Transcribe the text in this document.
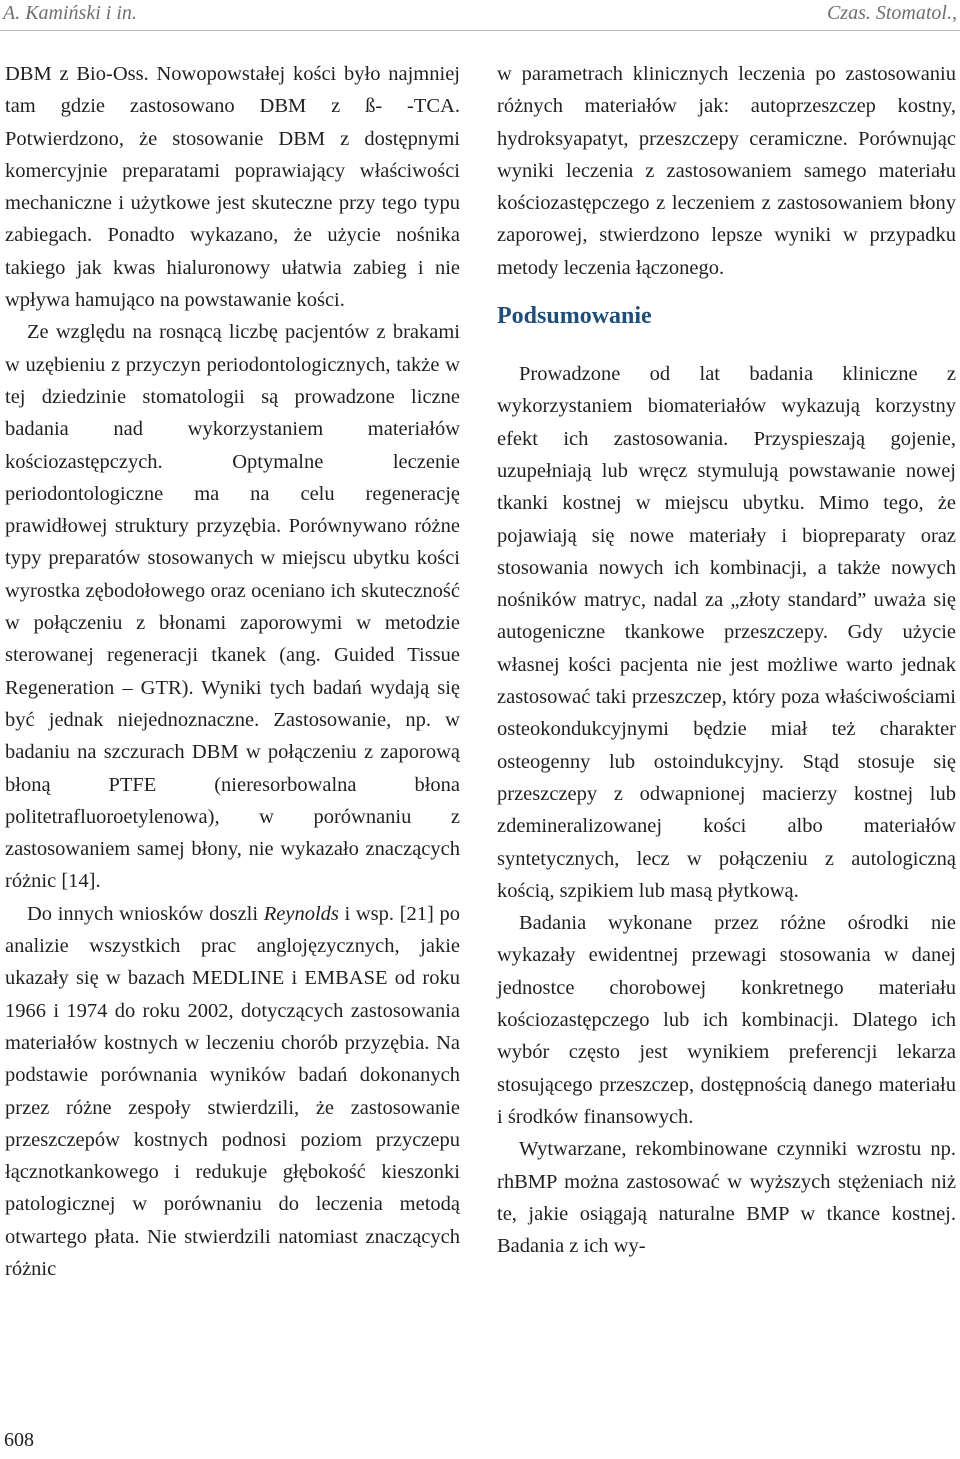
A. Kamiński i in.	Czas. Stomatol.,

DBM z Bio-Oss. Nowopowstałej kości było najmniej tam gdzie zastosowano DBM z ß- -TCA. Potwierdzono, że stosowanie DBM z dostępnymi komercyjnie preparatami poprawiający właściwości mechaniczne i użytkowe jest skuteczne przy tego typu zabiegach. Ponadto wykazano, że użycie nośnika takiego jak kwas hialuronowy ułatwia zabieg i nie wpływa hamująco na powstawanie kości.

Ze względu na rosnącą liczbę pacjentów z brakami w uzębieniu z przyczyn periodontologicznych, także w tej dziedzinie stomatologii są prowadzone liczne badania nad wykorzystaniem materiałów kościozastępczych. Optymalne leczenie periodontologiczne ma na celu regenerację prawidłowej struktury przyzębia. Porównywano różne typy preparatów stosowanych w miejscu ubytku kości wyrostka zębodołowego oraz oceniano ich skuteczność w połączeniu z błonami zaporowymi w metodzie sterowanej regeneracji tkanek (ang. Guided Tissue Regeneration – GTR). Wyniki tych badań wydają się być jednak niejednoznaczne. Zastosowanie, np. w badaniu na szczurach DBM w połączeniu z zaporową błoną PTFE (nieresorbowalna błona politetrafluoroetylenowa), w porównaniu z zastosowaniem samej błony, nie wykazało znaczących różnic [14].

Do innych wniosków doszli Reynolds i wsp. [21] po analizie wszystkich prac anglojęzycznych, jakie ukazały się w bazach MEDLINE i EMBASE od roku 1966 i 1974 do roku 2002, dotyczących zastosowania materiałów kostnych w leczeniu chorób przyzębia. Na podstawie porównania wyników badań dokonanych przez różne zespoły stwierdzili, że zastosowanie przeszczepów kostnych podnosi poziom przyczepu łącznotkankowego i redukuje głębokość kieszonki patologicznej w porównaniu do leczenia metodą otwartego płata. Nie stwierdzili natomiast znaczących różnic

w parametrach klinicznych leczenia po zastosowaniu różnych materiałów jak: autoprzeszczep kostny, hydroksyapatyt, przeszczepy ceramiczne. Porównując wyniki leczenia z zastosowaniem samego materiału kościozastępczego z leczeniem z zastosowaniem błony zaporowej, stwierdzono lepsze wyniki w przypadku metody leczenia łączonego.

Podsumowanie

Prowadzone od lat badania kliniczne z wykorzystaniem biomateriałów wykazują korzystny efekt ich zastosowania. Przyspieszają gojenie, uzupełniają lub wręcz stymulują powstawanie nowej tkanki kostnej w miejscu ubytku. Mimo tego, że pojawiają się nowe materiały i biopreparaty oraz stosowania nowych ich kombinacji, a także nowych nośników matryc, nadal za „złoty standard” uważa się autogeniczne tkankowe przeszczepy. Gdy użycie własnej kości pacjenta nie jest możliwe warto jednak zastosować taki przeszczep, który poza właściwościami osteokondukcyjnymi będzie miał też charakter osteogenny lub ostoindukcyjny. Stąd stosuje się przeszczepy z odwapnionej macierzy kostnej lub zdemineralizowanej kości albo materiałów syntetycznych, lecz w połączeniu z autologiczną kością, szpikiem lub masą płytkową.

Badania wykonane przez różne ośrodki nie wykazały ewidentnej przewagi stosowania w danej jednostce chorobowej konkretnego materiału kościozastępczego lub ich kombinacji. Dlatego ich wybór często jest wynikiem preferencji lekarza stosującego przeszczep, dostępnością danego materiału i środków finansowych.

Wytwarzane, rekombinowane czynniki wzrostu np. rhBMP można zastosować w wyższych stężeniach niż te, jakie osiągają naturalne BMP w tkance kostnej. Badania z ich wy-

608
